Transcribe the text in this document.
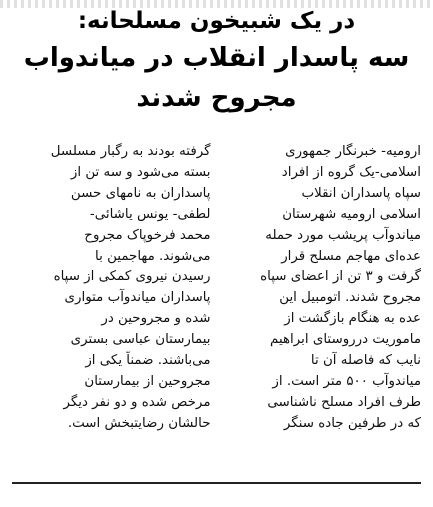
در یک شبیخون مسلحانه:
سه پاسدار انقلاب در میاندواب
مجروح شدند
ارومیه- خبرنگار جمهوری
اسلامی-یک گروه از افراد
سپاه پاسداران انقلاب
اسلامی ارومیه شهرستان
میاندوآب پریشب مورد حمله
عده‌ای مهاجم مسلح قرار
گرفت و ۳ تن از اعضای سپاه
مجروح شدند. اتومبیل این
عده به هنگام بازگشت از
ماموریت درروستای ابراهیم
نایب که فاصله آن تا
میاندوآب ۵۰۰ متر است. از
طرف افراد مسلح ناشناسی
که در طرفین جاده سنگر
گرفته بودند به رگبار مسلسل
بسته می‌شود و سه تن از
پاسداران به نامهای حسن
لطفی- یونس یاشائی-
محمد فرخوپاک مجروح
می‌شوند. مهاجمین با
رسیدن نیروی کمکی از سپاه
پاسداران میاندوآب متواری
شده و مجروحین در
بیمارستان عباسی بستری
می‌باشند. ضمناً یکی از
مجروحین از بیمارستان
مرخص شده و دو نفر دیگر
حالشان رضایتبخش است.
